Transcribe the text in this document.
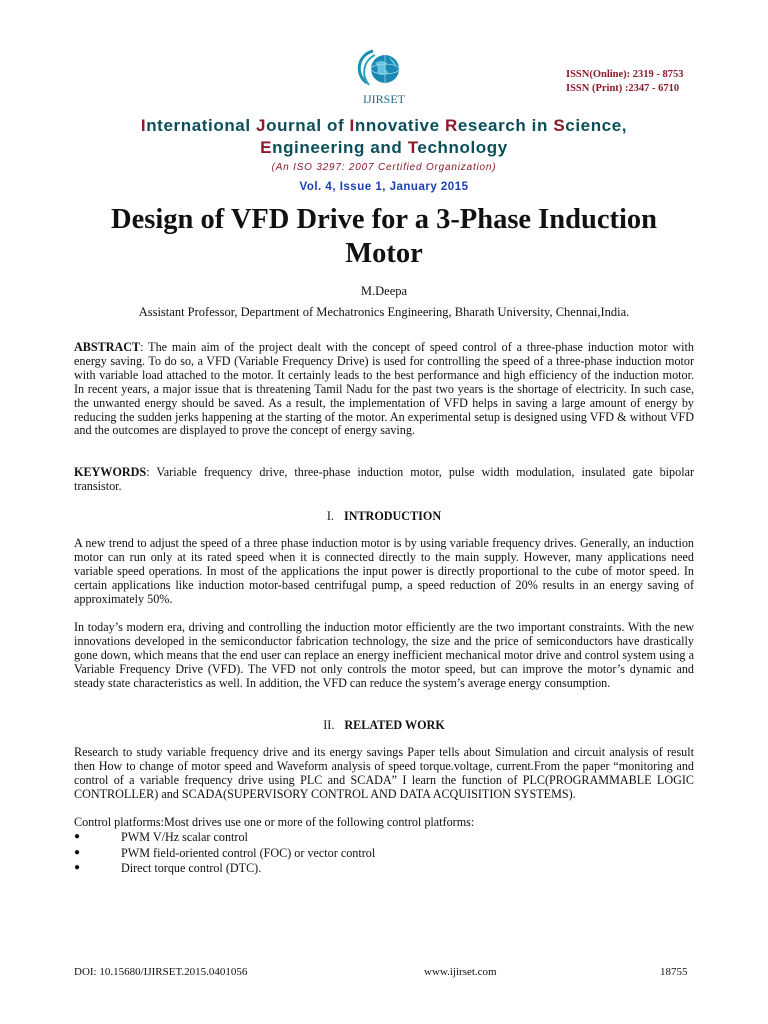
IJIRSET
ISSN(Online): 2319 - 8753
ISSN (Print) :2347 - 6710
International Journal of Innovative Research in Science,
Engineering and Technology
(An ISO 3297: 2007 Certified Organization)
Vol. 4, Issue 1, January 2015
Design of VFD Drive for a 3-Phase Induction
Motor
M.Deepa
Assistant Professor, Department of Mechatronics Engineering, Bharath University, Chennai,India.
ABSTRACT: The main aim of the project dealt with the concept of speed control of a three-phase induction motor with energy saving. To do so, a VFD (Variable Frequency Drive) is used for controlling the speed of a three-phase induction motor with variable load attached to the motor. It certainly leads to the best performance and high efficiency of the induction motor. In recent years, a major issue that is threatening Tamil Nadu for the past two years is the shortage of electricity. In such case, the unwanted energy should be saved. As a result, the implementation of VFD helps in saving a large amount of energy by reducing the sudden jerks happening at the starting of the motor. An experimental setup is designed using VFD & without VFD and the outcomes are displayed to prove the concept of energy saving.
KEYWORDS: Variable frequency drive, three-phase induction motor, pulse width modulation, insulated gate bipolar transistor.
I. INTRODUCTION
A new trend to adjust the speed of a three phase induction motor is by using variable frequency drives. Generally, an induction motor can run only at its rated speed when it is connected directly to the main supply. However, many applications need variable speed operations. In most of the applications the input power is directly proportional to the cube of motor speed. In certain applications like induction motor-based centrifugal pump, a speed reduction of 20% results in an energy saving of approximately 50%.
In today’s modern era, driving and controlling the induction motor efficiently are the two important constraints. With the new innovations developed in the semiconductor fabrication technology, the size and the price of semiconductors have drastically gone down, which means that the end user can replace an energy inefficient mechanical motor drive and control system using a Variable Frequency Drive (VFD). The VFD not only controls the motor speed, but can improve the motor’s dynamic and steady state characteristics as well. In addition, the VFD can reduce the system’s average energy consumption.
II. RELATED WORK
Research to study variable frequency drive and its energy savings Paper tells about Simulation and circuit analysis of result then How to change of motor speed and Waveform analysis of speed torque.voltage, current.From the paper “monitoring and control of a variable frequency drive using PLC and SCADA” I learn the function of PLC(PROGRAMMABLE LOGIC CONTROLLER) and SCADA(SUPERVISORY CONTROL AND DATA ACQUISITION SYSTEMS).
Control platforms:Most drives use one or more of the following control platforms:
●	PWM V/Hz scalar control
●	PWM field-oriented control (FOC) or vector control
●	Direct torque control (DTC).
DOI: 10.15680/IJIRSET.2015.0401056	www.ijirset.com	18755
